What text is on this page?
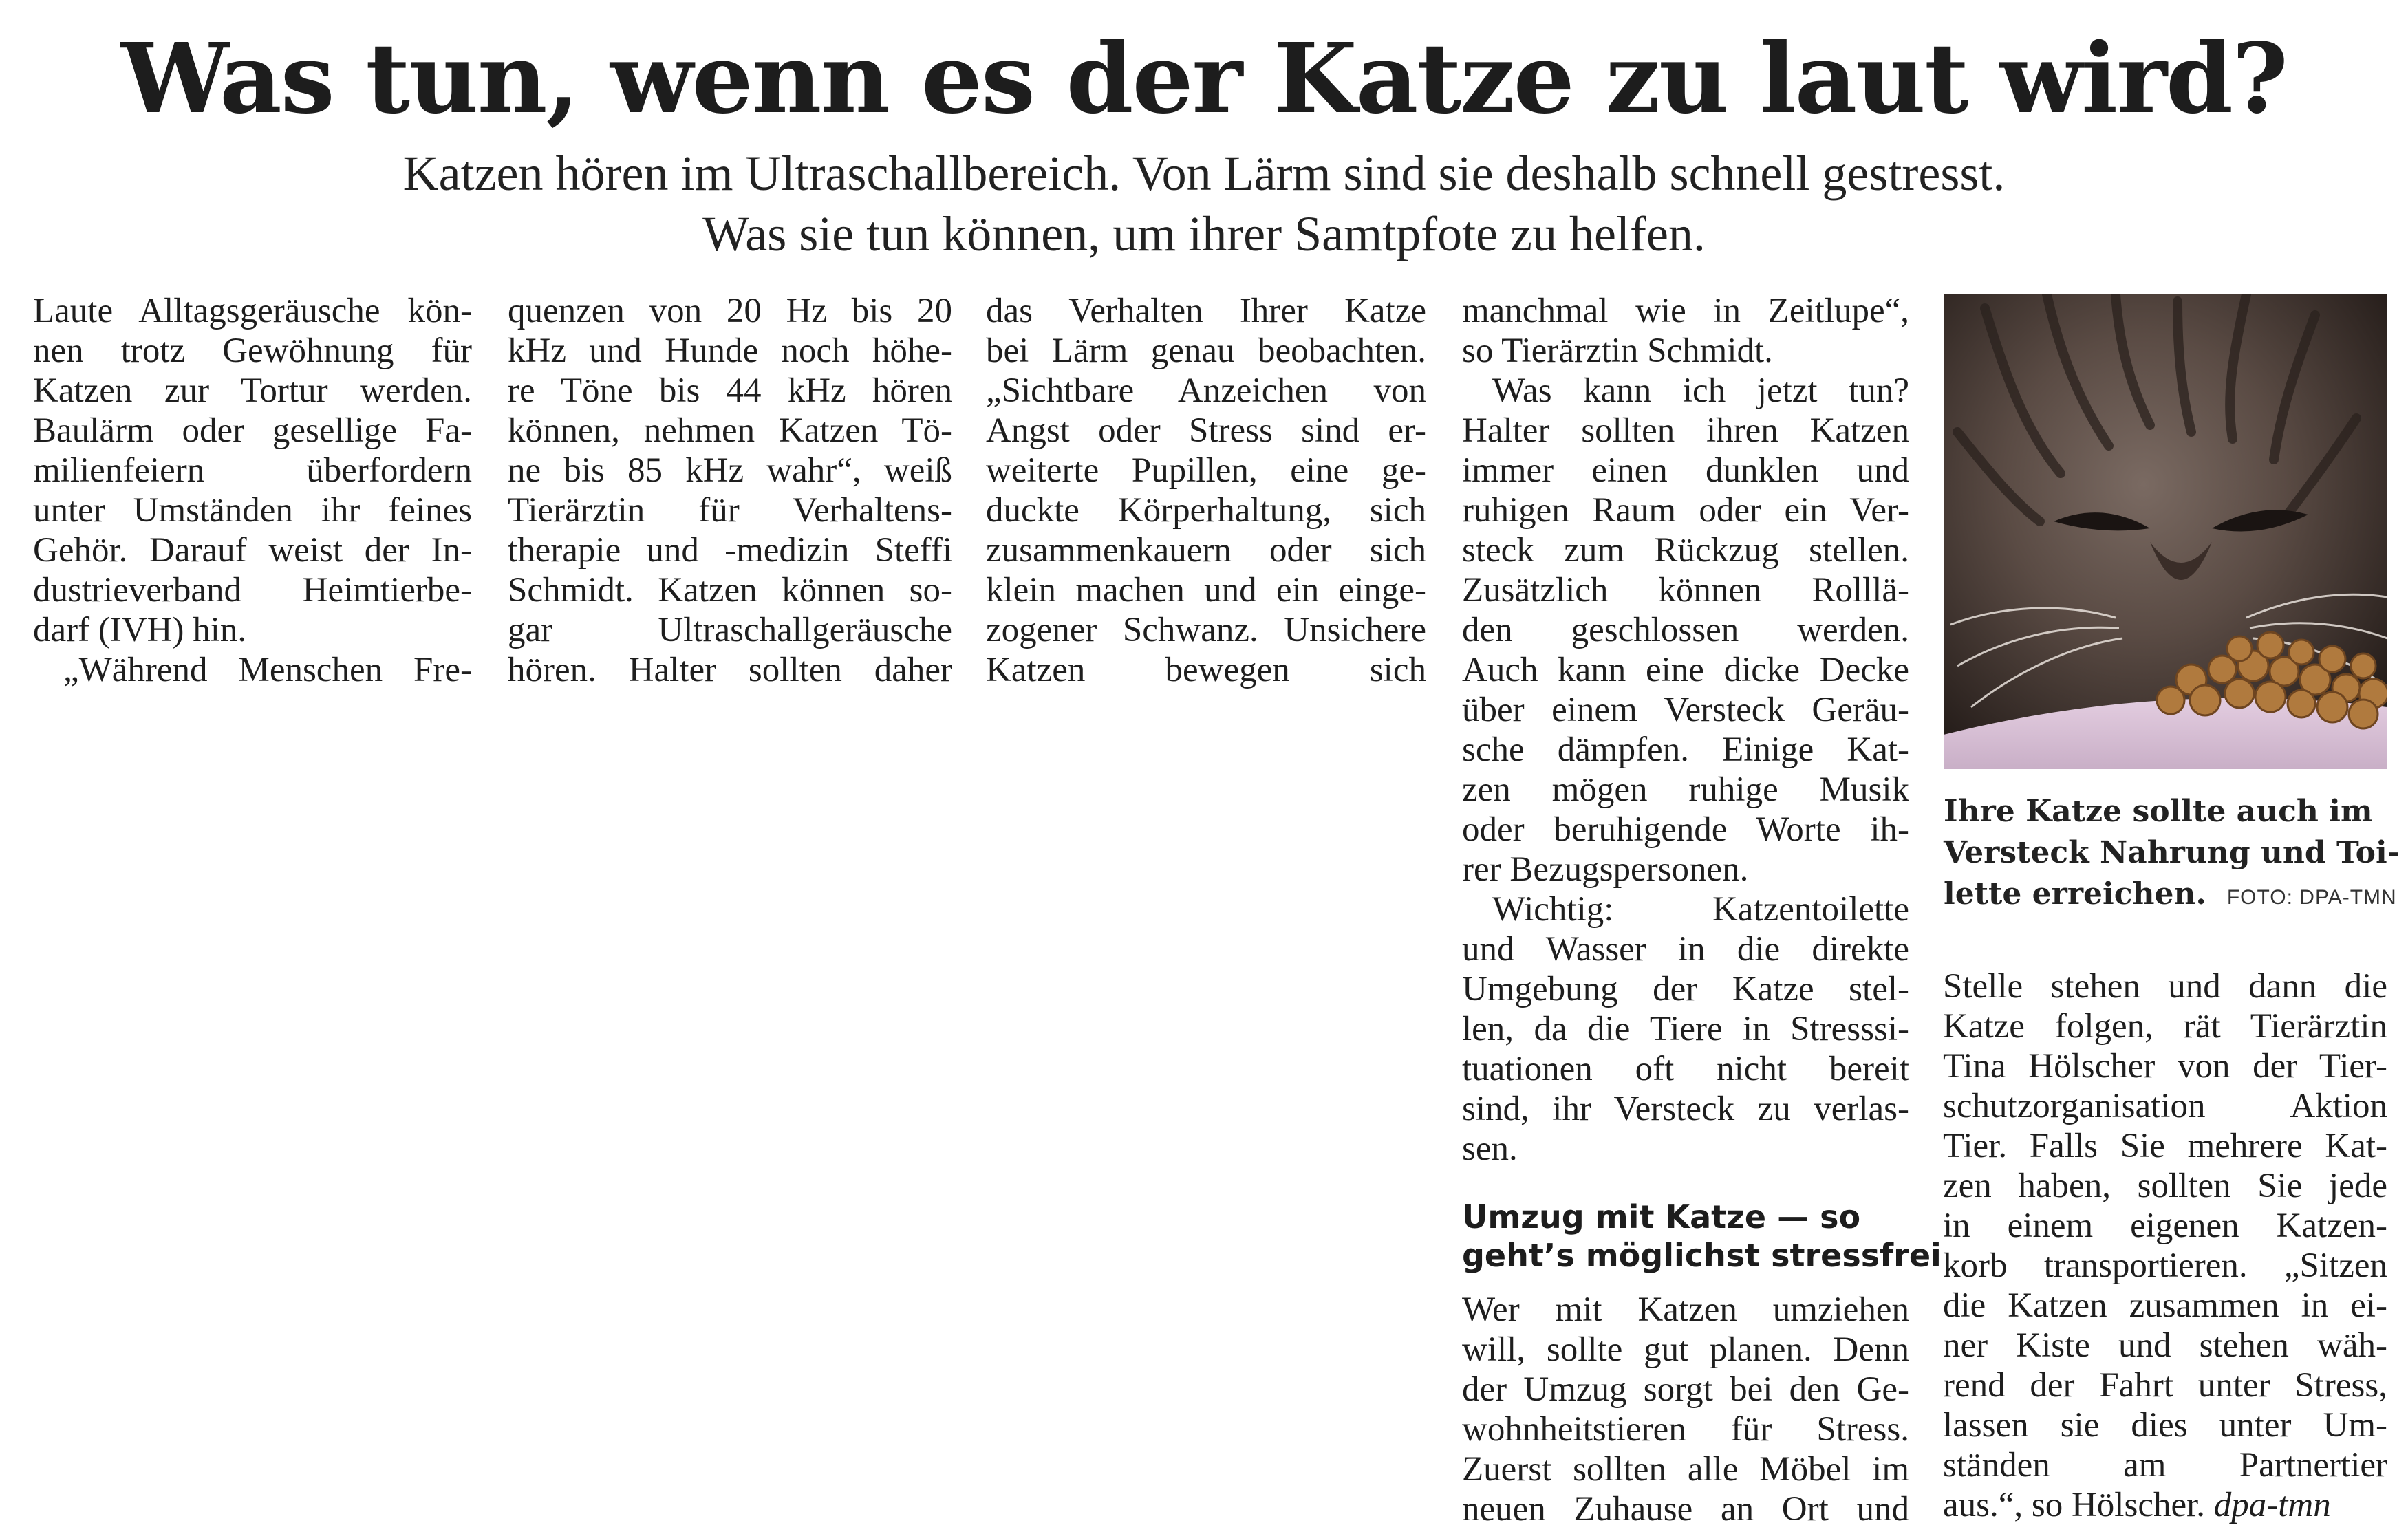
Was tun, wenn es der Katze zu laut wird?
Katzen hören im Ultraschallbereich. Von Lärm sind sie deshalb schnell gestresst.
Was sie tun können, um ihrer Samtpfote zu helfen.
Laute Alltagsgeräusche kön-
nen trotz Gewöhnung für
Katzen zur Tortur werden.
Baulärm oder gesellige Fa-
milienfeiern überfordern
unter Umständen ihr feines
Gehör. Darauf weist der In-
dustrieverband Heimtierbe-
darf (IVH) hin.
„Während Menschen Fre-
quenzen von 20 Hz bis 20
kHz und Hunde noch höhe-
re Töne bis 44 kHz hören
können, nehmen Katzen Tö-
ne bis 85 kHz wahr“, weiß
Tierärztin für Verhaltens-
therapie und -medizin Steffi
Schmidt. Katzen können so-
gar Ultraschallgeräusche
hören. Halter sollten daher
das Verhalten Ihrer Katze
bei Lärm genau beobachten.
„Sichtbare Anzeichen von
Angst oder Stress sind er-
weiterte Pupillen, eine ge-
duckte Körperhaltung, sich
zusammenkauern oder sich
klein machen und ein einge-
zogener Schwanz. Unsichere
Katzen bewegen sich
manchmal wie in Zeitlupe“,
so Tierärztin Schmidt.
Was kann ich jetzt tun?
Halter sollten ihren Katzen
immer einen dunklen und
ruhigen Raum oder ein Ver-
steck zum Rückzug stellen.
Zusätzlich können Rolllä-
den geschlossen werden.
Auch kann eine dicke Decke
über einem Versteck Geräu-
sche dämpfen. Einige Kat-
zen mögen ruhige Musik
oder beruhigende Worte ih-
rer Bezugspersonen.
Wichtig: Katzentoilette
und Wasser in die direkte
Umgebung der Katze stel-
len, da die Tiere in Stresssi-
tuationen oft nicht bereit
sind, ihr Versteck zu verlas-
sen.
Umzug mit Katze — so
geht’s möglichst stressfrei
Wer mit Katzen umziehen
will, sollte gut planen. Denn
der Umzug sorgt bei den Ge-
wohnheitstieren für Stress.
Zuerst sollten alle Möbel im
neuen Zuhause an Ort und
Ihre Katze sollte auch im
Versteck Nahrung und Toi-
lette erreichen. FOTO: DPA-TMN
Stelle stehen und dann die
Katze folgen, rät Tierärztin
Tina Hölscher von der Tier-
schutzorganisation Aktion
Tier. Falls Sie mehrere Kat-
zen haben, sollten Sie jede
in einem eigenen Katzen-
korb transportieren. „Sitzen
die Katzen zusammen in ei-
ner Kiste und stehen wäh-
rend der Fahrt unter Stress,
lassen sie dies unter Um-
ständen am Partnertier
aus.“, so Hölscher. dpa-tmn
